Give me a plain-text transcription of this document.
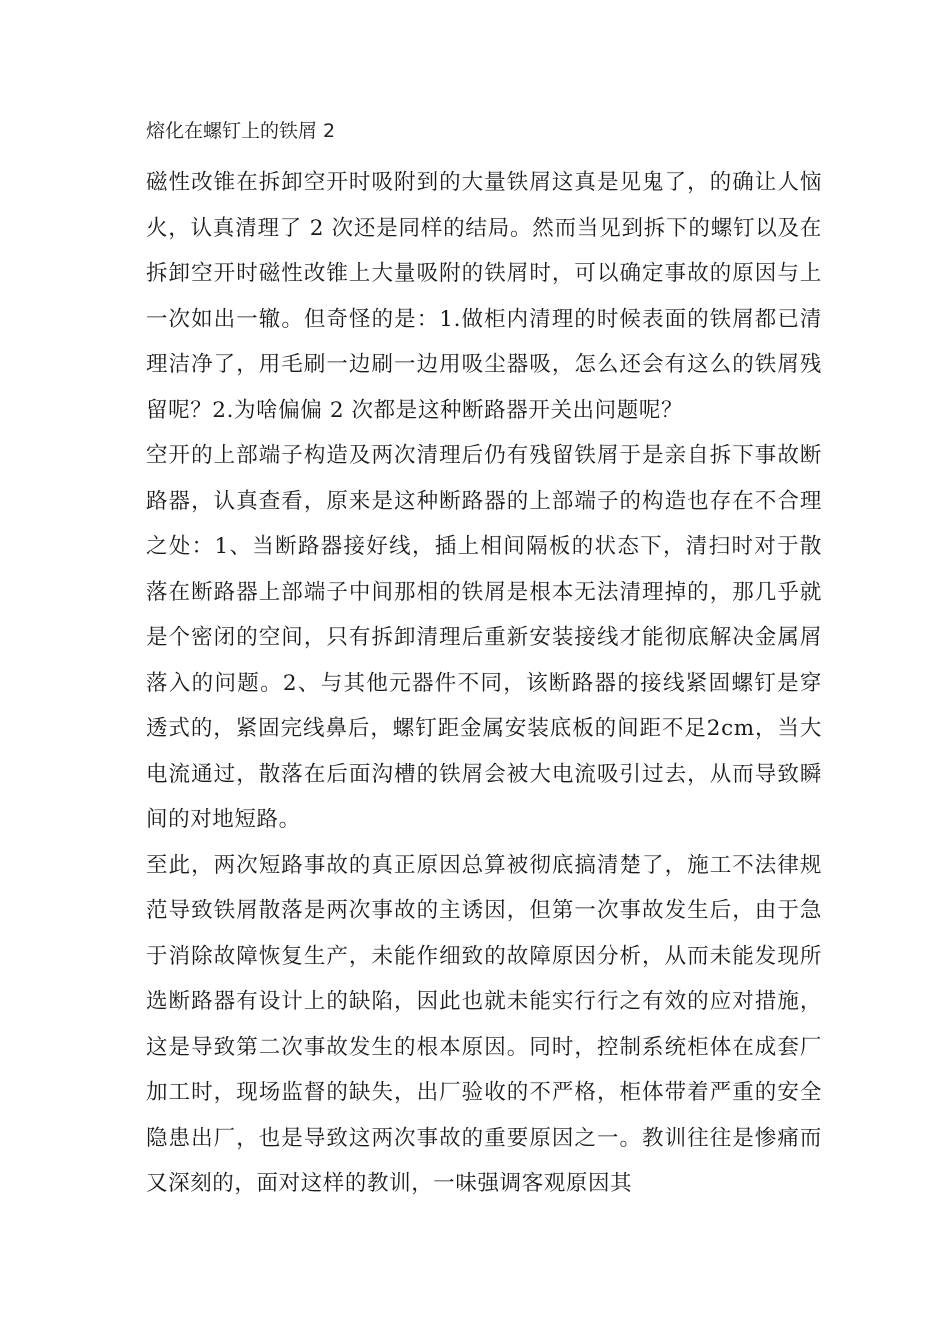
熔化在螺钉上的铁屑 2

磁性改锥在拆卸空开时吸附到的大量铁屑这真是见鬼了，的确让人恼火，认真清理了 2 次还是同样的结局。然而当见到拆下的螺钉以及在拆卸空开时磁性改锥上大量吸附的铁屑时，可以确定事故的原因与上一次如出一辙。但奇怪的是：1.做柜内清理的时候表面的铁屑都已清理洁净了，用毛刷一边刷一边用吸尘器吸，怎么还会有这么的铁屑残留呢？2.为啥偏偏 2 次都是这种断路器开关出问题呢？

空开的上部端子构造及两次清理后仍有残留铁屑于是亲自拆下事故断路器，认真查看，原来是这种断路器的上部端子的构造也存在不合理之处：1、当断路器接好线，插上相间隔板的状态下，清扫时对于散落在断路器上部端子中间那相的铁屑是根本无法清理掉的，那几乎就是个密闭的空间，只有拆卸清理后重新安装接线才能彻底解决金属屑落入的问题。2、与其他元器件不同，该断路器的接线紧固螺钉是穿透式的，紧固完线鼻后，螺钉距金属安装底板的间距不足2cm，当大电流通过，散落在后面沟槽的铁屑会被大电流吸引过去，从而导致瞬间的对地短路。

至此，两次短路事故的真正原因总算被彻底搞清楚了，施工不法律规范导致铁屑散落是两次事故的主诱因，但第一次事故发生后，由于急于消除故障恢复生产，未能作细致的故障原因分析，从而未能发现所选断路器有设计上的缺陷，因此也就未能实行行之有效的应对措施，这是导致第二次事故发生的根本原因。同时，控制系统柜体在成套厂加工时，现场监督的缺失，出厂验收的不严格，柜体带着严重的安全隐患出厂，也是导致这两次事故的重要原因之一。教训往往是惨痛而又深刻的，面对这样的教训，一味强调客观原因其
